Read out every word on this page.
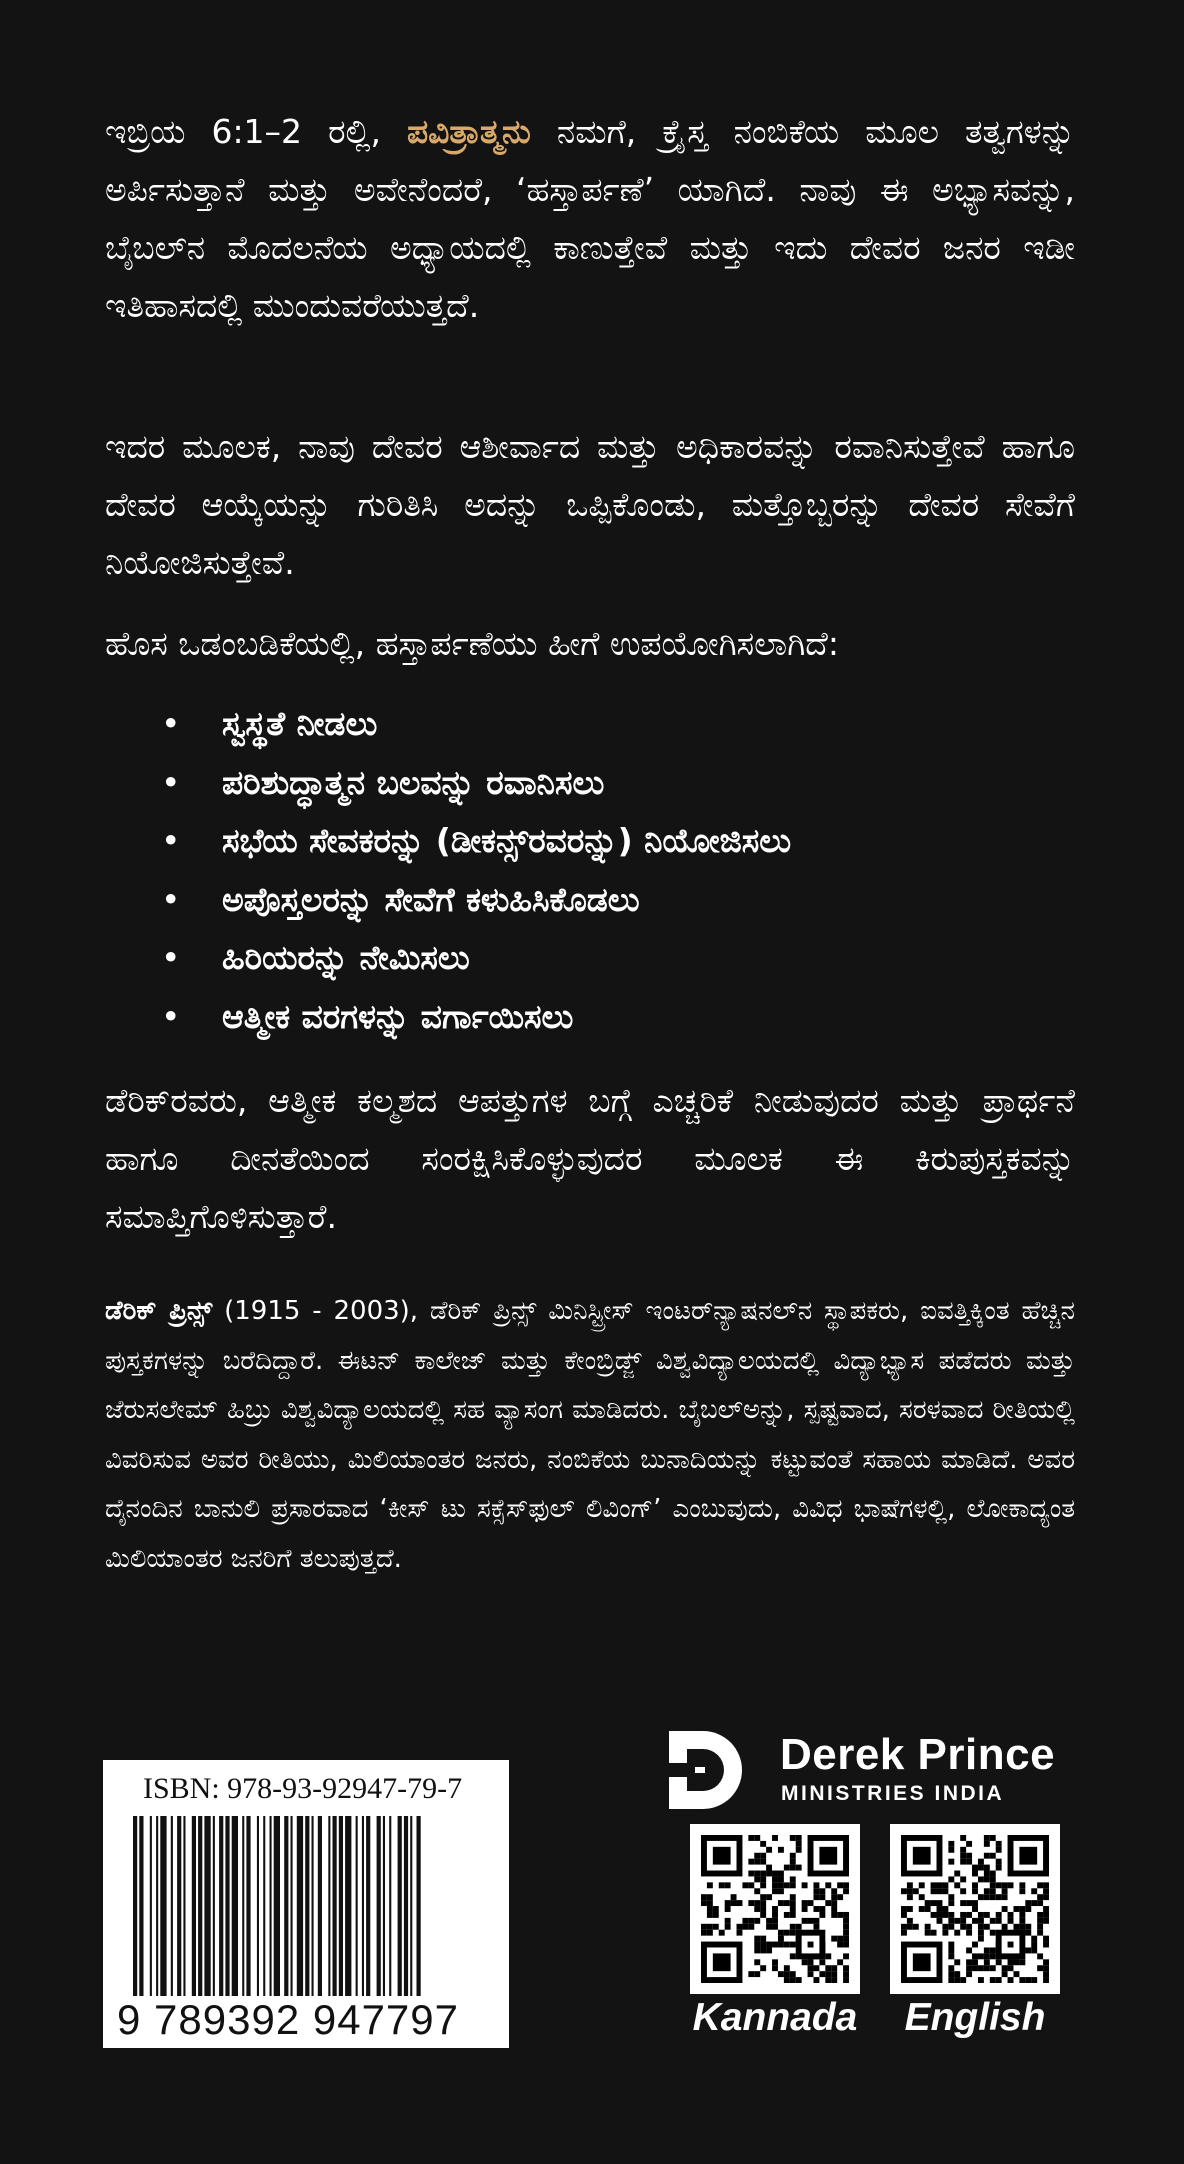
ಇಬ್ರಿಯ 6:1–2 ರಲ್ಲಿ, ಪವಿತ್ರಾತ್ಮನು ನಮಗೆ, ಕ್ರೈಸ್ತ ನಂಬಿಕೆಯ ಮೂಲ ತತ್ವಗಳನ್ನು ಅರ್ಪಿಸುತ್ತಾನೆ ಮತ್ತು ಅವೇನೆಂದರೆ, ‘ಹಸ್ತಾರ್ಪಣೆ’ ಯಾಗಿದೆ. ನಾವು ಈ ಅಭ್ಯಾಸವನ್ನು, ಬೈಬಲ್‌ನ ಮೊದಲನೆಯ ಅಧ್ಯಾಯದಲ್ಲಿ ಕಾಣುತ್ತೇವೆ ಮತ್ತು ಇದು ದೇವರ ಜನರ ಇಡೀ ಇತಿಹಾಸದಲ್ಲಿ ಮುಂದುವರೆಯುತ್ತದೆ.

ಇದರ ಮೂಲಕ, ನಾವು ದೇವರ ಆಶೀರ್ವಾದ ಮತ್ತು ಅಧಿಕಾರವನ್ನು ರವಾನಿಸುತ್ತೇವೆ ಹಾಗೂ ದೇವರ ಆಯ್ಕೆಯನ್ನು ಗುರಿತಿಸಿ ಅದನ್ನು ಒಪ್ಪಿಕೊಂಡು, ಮತ್ತೊಬ್ಬರನ್ನು ದೇವರ ಸೇವೆಗೆ ನಿಯೋಜಿಸುತ್ತೇವೆ.

ಹೊಸ ಒಡಂಬಡಿಕೆಯಲ್ಲಿ, ಹಸ್ತಾರ್ಪಣೆಯು ಹೀಗೆ ಉಪಯೋಗಿಸಲಾಗಿದೆ:

• ಸ್ವಸ್ಥತೆ ನೀಡಲು
• ಪರಿಶುದ್ಧಾತ್ಮನ ಬಲವನ್ನು ರವಾನಿಸಲು
• ಸಭೆಯ ಸೇವಕರನ್ನು (ಡೀಕನ್ಸ್‌ರವರನ್ನು) ನಿಯೋಜಿಸಲು
• ಅಪೊಸ್ತಲರನ್ನು ಸೇವೆಗೆ ಕಳುಹಿಸಿಕೊಡಲು
• ಹಿರಿಯರನ್ನು ನೇಮಿಸಲು
• ಆತ್ಮೀಕ ವರಗಳನ್ನು ವರ್ಗಾಯಿಸಲು

ಡೆರಿಕ್‌ರವರು, ಆತ್ಮೀಕ ಕಲ್ಮಶದ ಆಪತ್ತುಗಳ ಬಗ್ಗೆ ಎಚ್ಚರಿಕೆ ನೀಡುವುದರ ಮತ್ತು ಪ್ರಾರ್ಥನೆ ಹಾಗೂ ದೀನತೆಯಿಂದ ಸಂರಕ್ಷಿಸಿಕೊಳ್ಳುವುದರ ಮೂಲಕ ಈ ಕಿರುಪುಸ್ತಕವನ್ನು ಸಮಾಪ್ತಿಗೊಳಿಸುತ್ತಾರೆ.

ಡೆರಿಕ್ ಪ್ರಿನ್ಸ್ (1915 - 2003), ಡೆರಿಕ್ ಪ್ರಿನ್ಸ್ ಮಿನಿಸ್ಟ್ರೀಸ್ ಇಂಟರ್‌ನ್ಯಾಷನಲ್‌ನ ಸ್ಥಾಪಕರು, ಐವತ್ತಿಕ್ಕಿಂತ ಹೆಚ್ಚಿನ ಪುಸ್ತಕಗಳನ್ನು ಬರೆದಿದ್ದಾರೆ. ಈಟನ್ ಕಾಲೇಜ್ ಮತ್ತು ಕೇಂಬ್ರಿಡ್ಜ್ ವಿಶ್ವವಿದ್ಯಾಲಯದಲ್ಲಿ ವಿದ್ಯಾಭ್ಯಾಸ ಪಡೆದರು ಮತ್ತು ಜೆರುಸಲೇಮ್ ಹಿಬ್ರು ವಿಶ್ವವಿದ್ಯಾಲಯದಲ್ಲಿ ಸಹ ವ್ಯಾಸಂಗ ಮಾಡಿದರು. ಬೈಬಲ್‌ಅನ್ನು, ಸ್ಪಷ್ಟವಾದ, ಸರಳವಾದ ರೀತಿಯಲ್ಲಿ ವಿವರಿಸುವ ಅವರ ರೀತಿಯು, ಮಿಲಿಯಾಂತರ ಜನರು, ನಂಬಿಕೆಯ ಬುನಾದಿಯನ್ನು ಕಟ್ಟುವಂತೆ ಸಹಾಯ ಮಾಡಿದೆ. ಅವರ ದೈನಂದಿನ ಬಾನುಲಿ ಪ್ರಸಾರವಾದ ‘ಕೀಸ್ ಟು ಸಕ್ಸೆಸ್‌ಫುಲ್ ಲಿವಿಂಗ್’ ಎಂಬುವುದು, ವಿವಿಧ ಭಾಷೆಗಳಲ್ಲಿ, ಲೋಕಾದ್ಯಂತ ಮಿಲಿಯಾಂತರ ಜನರಿಗೆ ತಲುಪುತ್ತದೆ.

ISBN: 978-93-92947-79-7
9 789392 947797
Derek Prince
MINISTRIES INDIA
Kannada	English
